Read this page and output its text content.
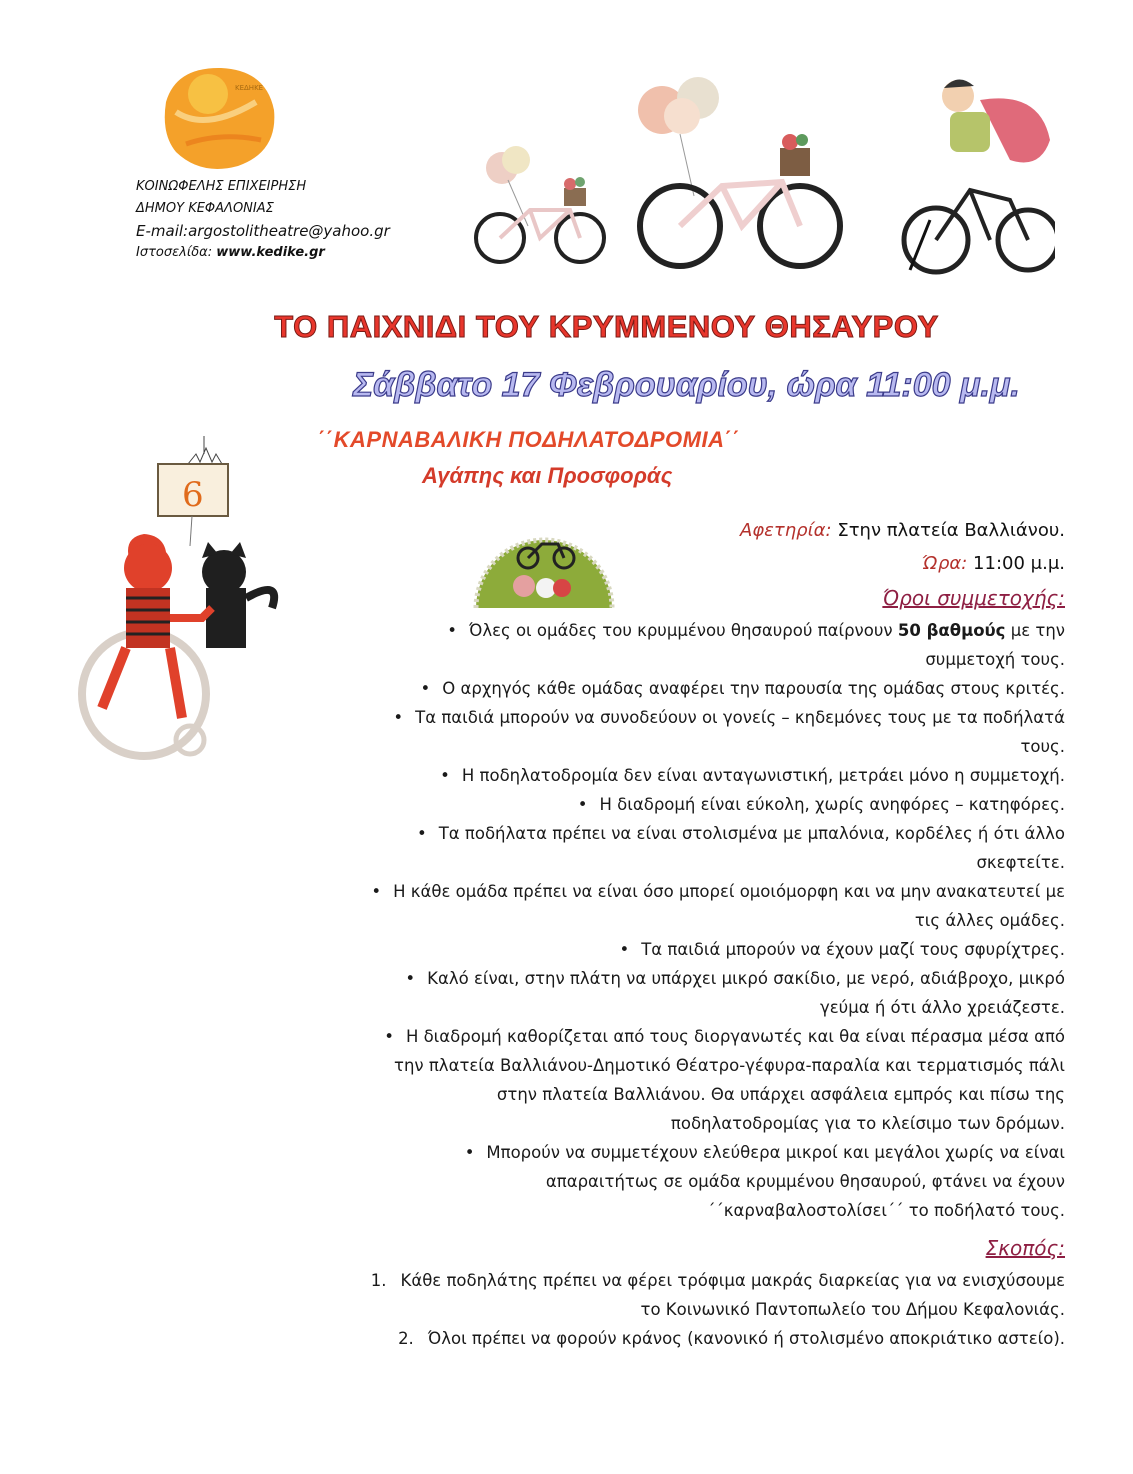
ΚΕΔΗΚΕ
ΚΟΙΝΩΦΕΛΗΣ ΕΠΙΧΕΙΡΗΣΗ
ΔΗΜΟΥ ΚΕΦΑΛΟΝΙΑΣ
E-mail:argostolitheatre@yahoo.gr
Ιστοσελίδα: www.kedike.gr
ΤΟ ΠΑΙΧΝΙΔΙ ΤΟΥ ΚΡΥΜΜΕΝΟΥ ΘΗΣΑΥΡΟΥ
Σάββατο 17 Φεβρουαρίου, ώρα 11:00 μ.μ.
΄΄ΚΑΡΝΑΒΑΛΙΚΗ ΠΟΔΗΛΑΤΟΔΡΟΜΙΑ΄΄
Αγάπης και Προσφοράς
6
Αφετηρία: Στην πλατεία Βαλλιάνου.
Ώρα: 11:00 μ.μ.
Όροι συμμετοχής:
• Όλες οι ομάδες του κρυμμένου θησαυρού παίρνουν 50 βαθμούς με την
συμμετοχή τους.
• Ο αρχηγός κάθε ομάδας αναφέρει την παρουσία της ομάδας στους κριτές.
• Τα παιδιά μπορούν να συνοδεύουν οι γονείς – κηδεμόνες τους με τα ποδήλατά
τους.
• Η ποδηλατοδρομία δεν είναι ανταγωνιστική, μετράει μόνο η συμμετοχή.
• Η διαδρομή είναι εύκολη, χωρίς ανηφόρες – κατηφόρες.
• Τα ποδήλατα πρέπει να είναι στολισμένα με μπαλόνια, κορδέλες ή ότι άλλο
σκεφτείτε.
• Η κάθε ομάδα πρέπει να είναι όσο μπορεί ομοιόμορφη και να μην ανακατευτεί με
τις άλλες ομάδες.
• Τα παιδιά μπορούν να έχουν μαζί τους σφυρίχτρες.
• Καλό είναι, στην πλάτη να υπάρχει μικρό σακίδιο, με νερό, αδιάβροχο, μικρό
γεύμα ή ότι άλλο χρειάζεστε.
• Η διαδρομή καθορίζεται από τους διοργανωτές και θα είναι πέρασμα μέσα από
την πλατεία Βαλλιάνου-Δημοτικό Θέατρο-γέφυρα-παραλία και τερματισμός πάλι
στην πλατεία Βαλλιάνου. Θα υπάρχει ασφάλεια εμπρός και πίσω της
ποδηλατοδρομίας για το κλείσιμο των δρόμων.
• Μπορούν να συμμετέχουν ελεύθερα μικροί και μεγάλοι χωρίς να είναι
απαραιτήτως σε ομάδα κρυμμένου θησαυρού, φτάνει να έχουν
΄΄καρναβαλοστολίσει΄΄ το ποδήλατό τους.
Σκοπός:
1. Κάθε ποδηλάτης πρέπει να φέρει τρόφιμα μακράς διαρκείας για να ενισχύσουμε
το Κοινωνικό Παντοπωλείο του Δήμου Κεφαλονιάς.
2. Όλοι πρέπει να φορούν κράνος (κανονικό ή στολισμένο αποκριάτικο αστείο).
